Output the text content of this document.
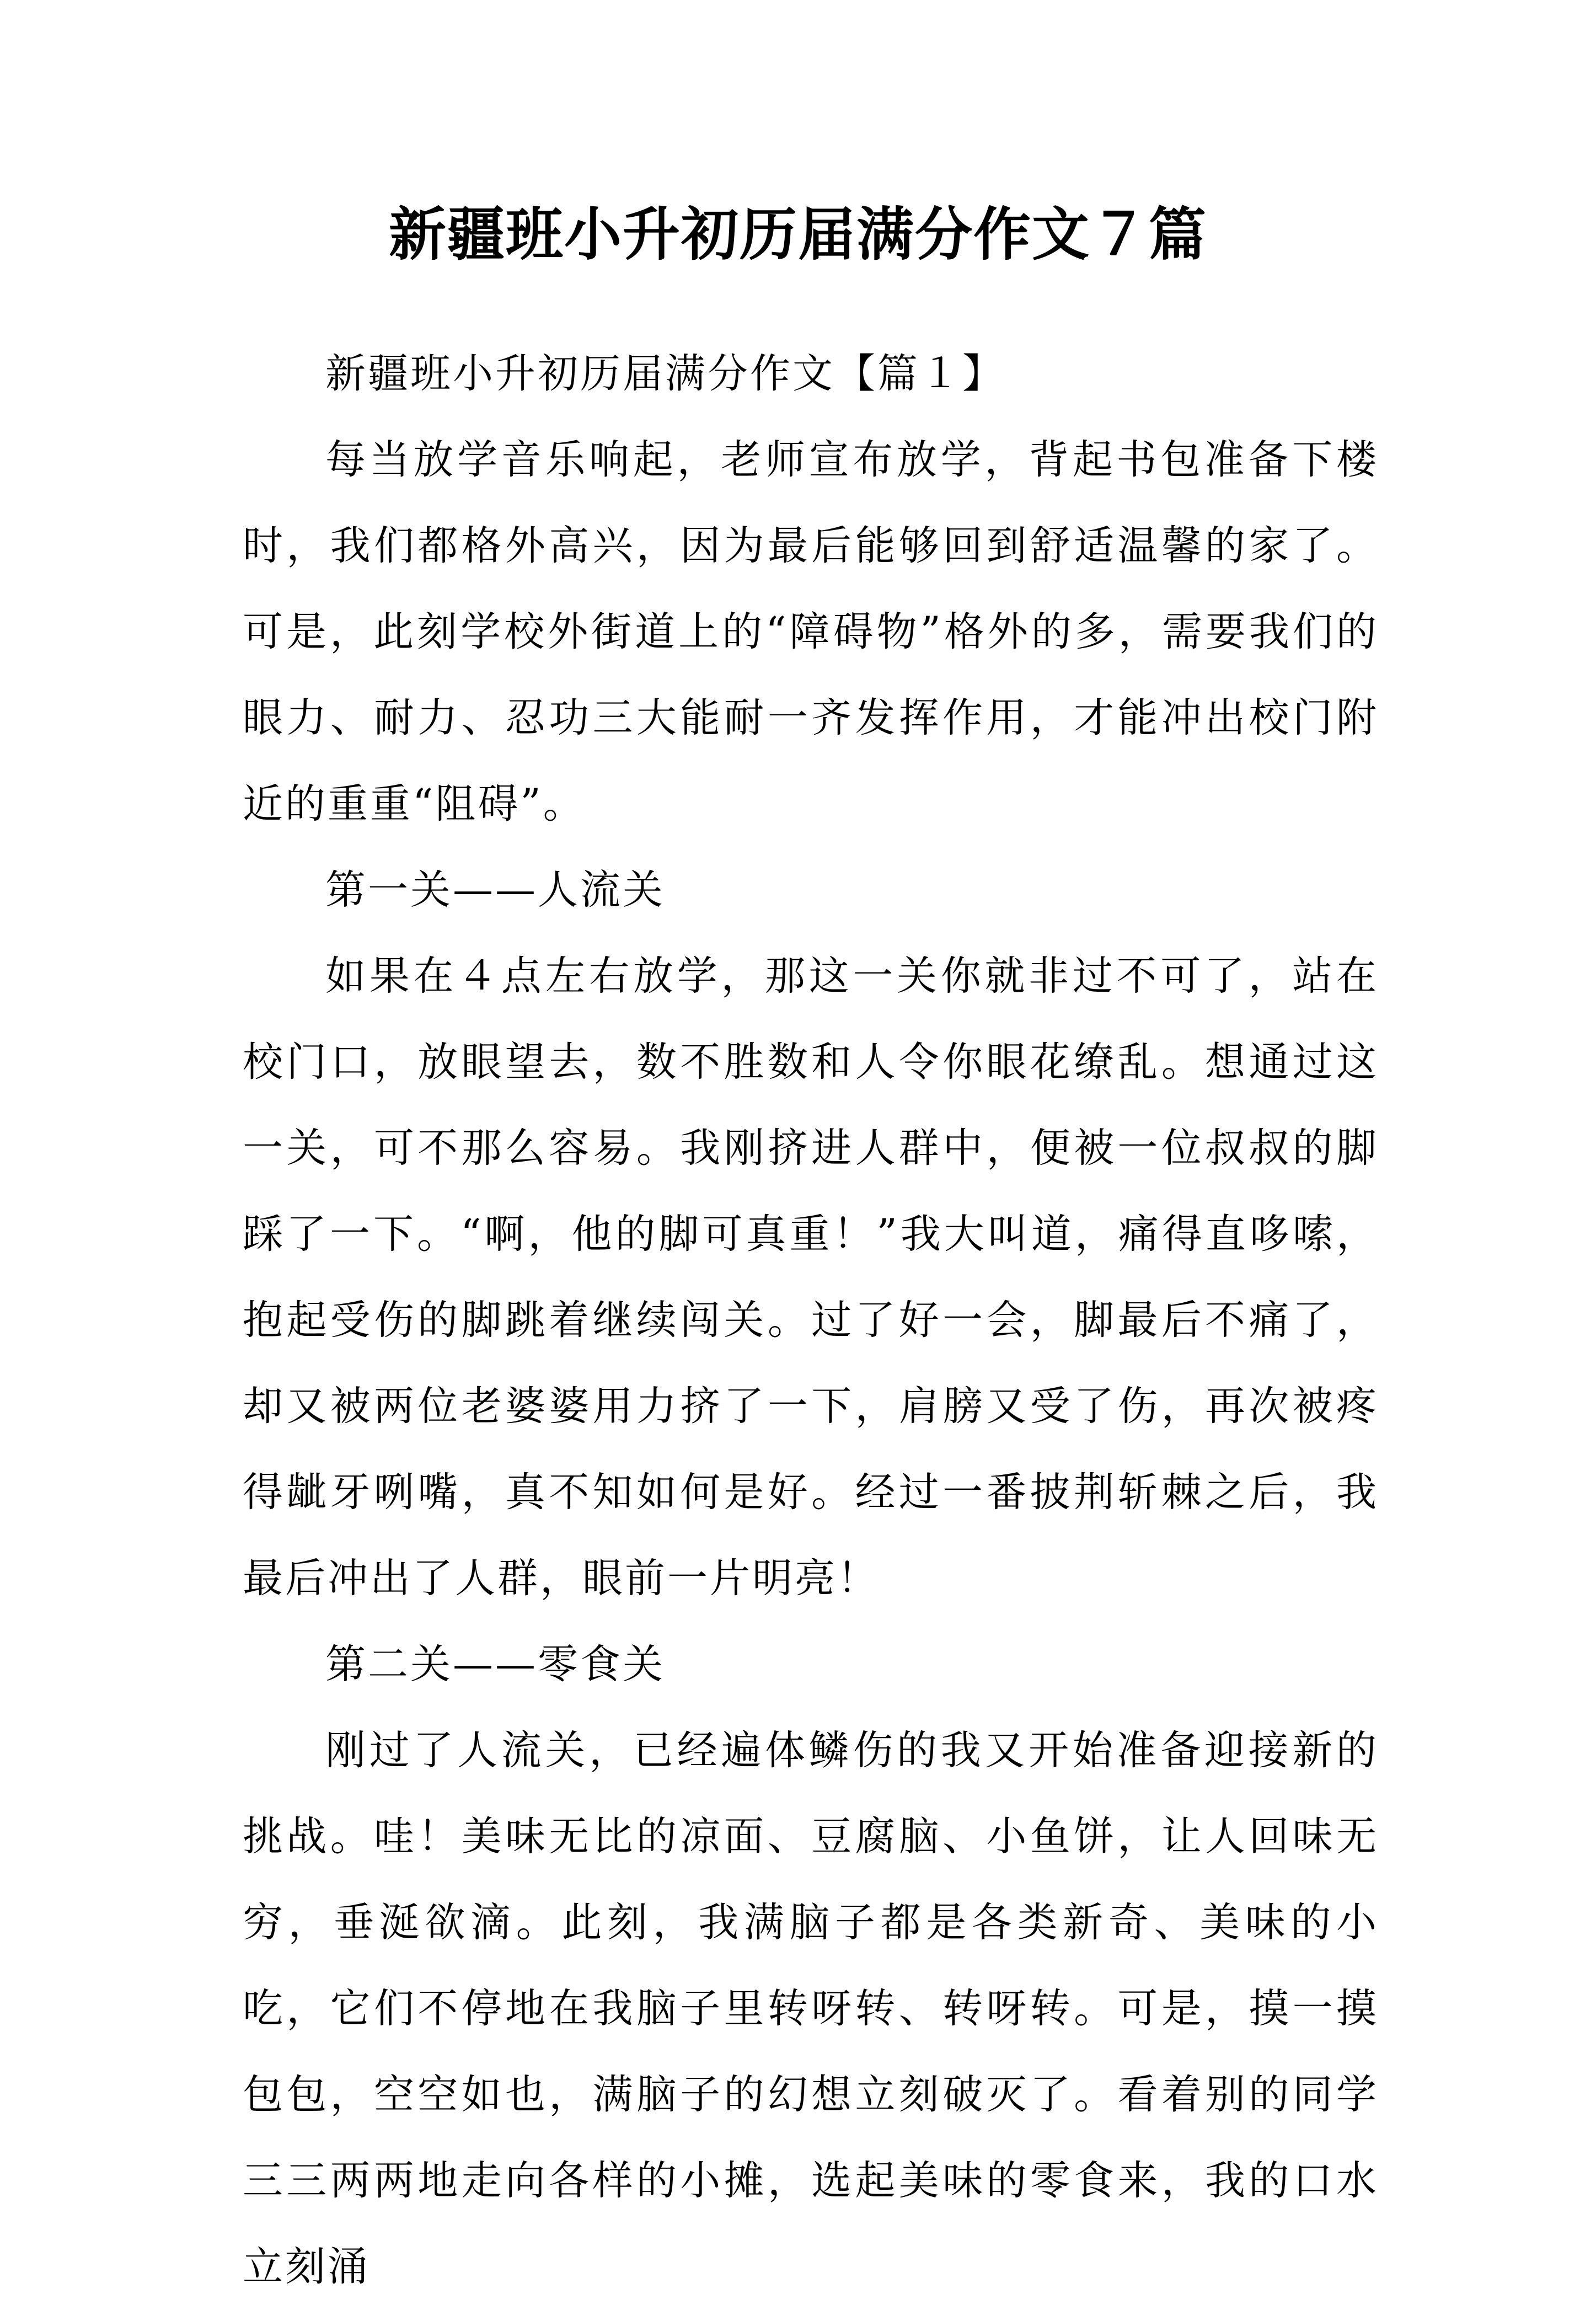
新疆班小升初历届满分作文７篇

新疆班小升初历届满分作文【篇１】

每当放学音乐响起，老师宣布放学，背起书包准备下楼时，我们都格外高兴，因为最后能够回到舒适温馨的家了。可是，此刻学校外街道上的“障碍物”格外的多，需要我们的眼力、耐力、忍功三大能耐一齐发挥作用，才能冲出校门附近的重重“阻碍”。

第一关——人流关

如果在４点左右放学，那这一关你就非过不可了，站在校门口，放眼望去，数不胜数和人令你眼花缭乱。想通过这一关，可不那么容易。我刚挤进人群中，便被一位叔叔的脚踩了一下。“啊，他的脚可真重！”我大叫道，痛得直哆嗦，抱起受伤的脚跳着继续闯关。过了好一会，脚最后不痛了，却又被两位老婆婆用力挤了一下，肩膀又受了伤，再次被疼得龇牙咧嘴，真不知如何是好。经过一番披荆斩棘之后，我最后冲出了人群，眼前一片明亮！

第二关——零食关

刚过了人流关，已经遍体鳞伤的我又开始准备迎接新的挑战。哇！美味无比的凉面、豆腐脑、小鱼饼，让人回味无穷，垂涎欲滴。此刻，我满脑子都是各类新奇、美味的小吃，它们不停地在我脑子里转呀转、转呀转。可是，摸一摸包包，空空如也，满脑子的幻想立刻破灭了。看着别的同学三三两两地走向各样的小摊，选起美味的零食来，我的口水立刻涌
